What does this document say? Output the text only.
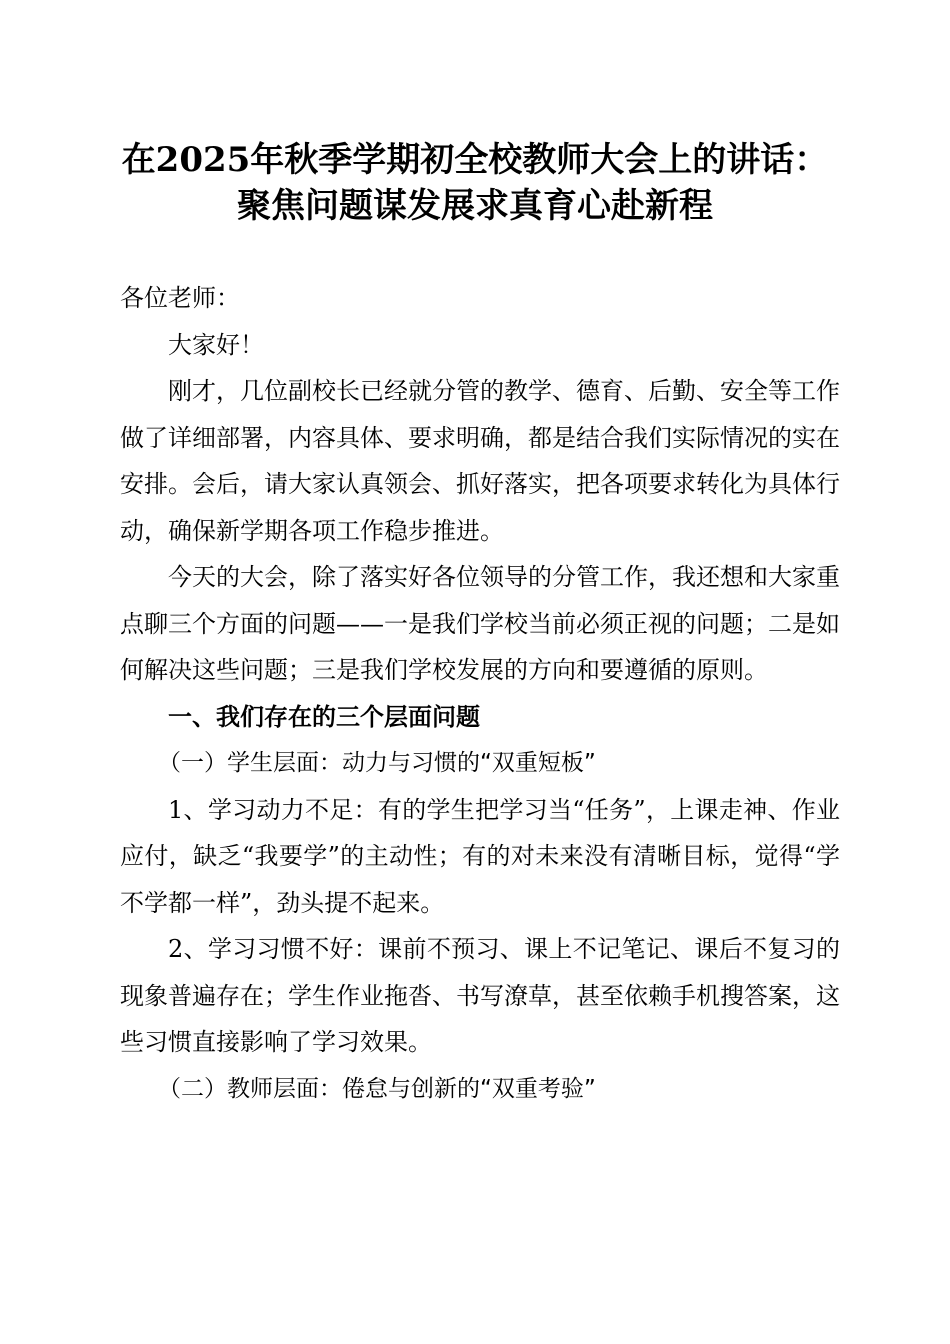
在2025年秋季学期初全校教师大会上的讲话：
聚焦问题谋发展求真育心赴新程

各位老师：

大家好！

刚才，几位副校长已经就分管的教学、德育、后勤、安全等工作做了详细部署，内容具体、要求明确，都是结合我们实际情况的实在安排。会后，请大家认真领会、抓好落实，把各项要求转化为具体行动，确保新学期各项工作稳步推进。

今天的大会，除了落实好各位领导的分管工作，我还想和大家重点聊三个方面的问题——一是我们学校当前必须正视的问题；二是如何解决这些问题；三是我们学校发展的方向和要遵循的原则。

一、我们存在的三个层面问题

（一）学生层面：动力与习惯的“双重短板”

1、学习动力不足：有的学生把学习当“任务”，上课走神、作业应付，缺乏“我要学”的主动性；有的对未来没有清晰目标，觉得“学不学都一样”，劲头提不起来。

2、学习习惯不好：课前不预习、课上不记笔记、课后不复习的现象普遍存在；学生作业拖沓、书写潦草，甚至依赖手机搜答案，这些习惯直接影响了学习效果。

（二）教师层面：倦怠与创新的“双重考验”
